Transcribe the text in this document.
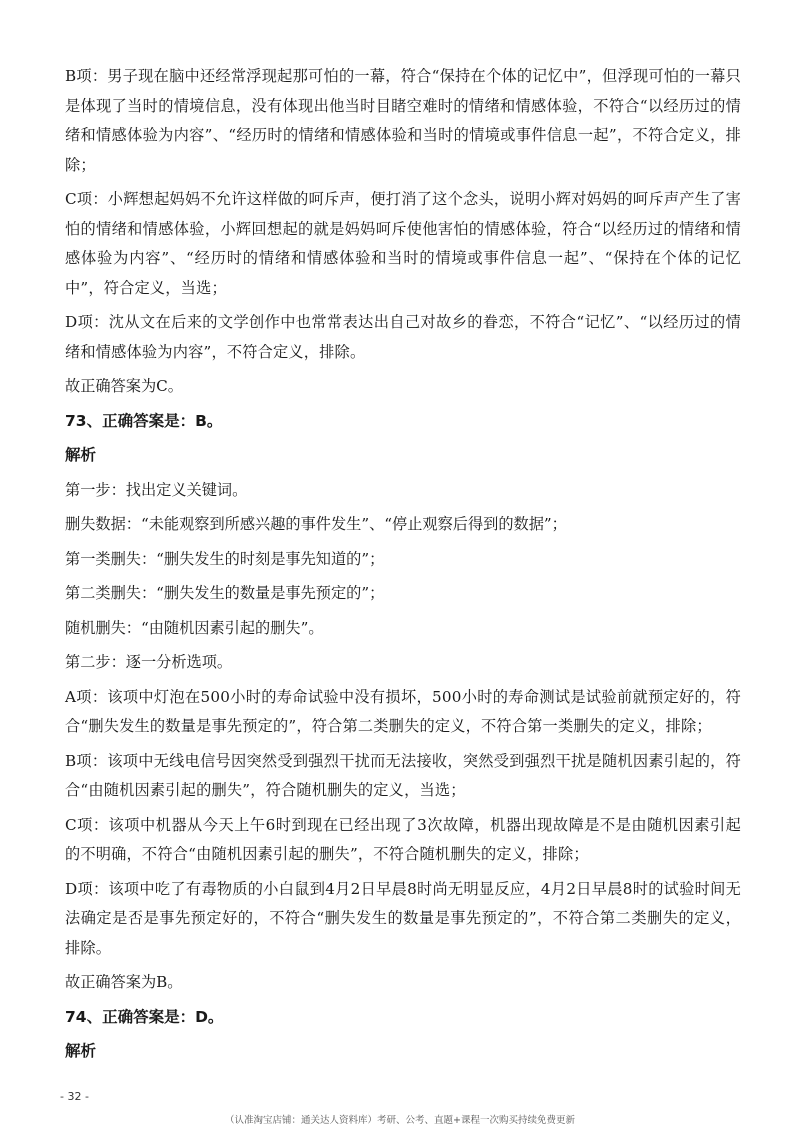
B项：男子现在脑中还经常浮现起那可怕的一幕，符合“保持在个体的记忆中”，但浮现可怕的一幕只是体现了当时的情境信息，没有体现出他当时目睹空难时的情绪和情感体验，不符合“以经历过的情绪和情感体验为内容”、“经历时的情绪和情感体验和当时的情境或事件信息一起”，不符合定义，排除；

C项：小辉想起妈妈不允许这样做的呵斥声，便打消了这个念头，说明小辉对妈妈的呵斥声产生了害怕的情绪和情感体验，小辉回想起的就是妈妈呵斥使他害怕的情感体验，符合“以经历过的情绪和情感体验为内容”、“经历时的情绪和情感体验和当时的情境或事件信息一起”、“保持在个体的记忆中”，符合定义，当选；

D项：沈从文在后来的文学创作中也常常表达出自己对故乡的眷恋，不符合“记忆”、“以经历过的情绪和情感体验为内容”，不符合定义，排除。

故正确答案为C。

73、正确答案是：B。

解析

第一步：找出定义关键词。

删失数据：“未能观察到所感兴趣的事件发生”、“停止观察后得到的数据”；

第一类删失：“删失发生的时刻是事先知道的”；

第二类删失：“删失发生的数量是事先预定的”；

随机删失：“由随机因素引起的删失”。

第二步：逐一分析选项。

A项：该项中灯泡在500小时的寿命试验中没有损坏，500小时的寿命测试是试验前就预定好的，符合“删失发生的数量是事先预定的”，符合第二类删失的定义，不符合第一类删失的定义，排除；

B项：该项中无线电信号因突然受到强烈干扰而无法接收，突然受到强烈干扰是随机因素引起的，符合“由随机因素引起的删失”，符合随机删失的定义，当选；

C项：该项中机器从今天上午6时到现在已经出现了3次故障，机器出现故障是不是由随机因素引起的不明确，不符合“由随机因素引起的删失”，不符合随机删失的定义，排除；

D项：该项中吃了有毒物质的小白鼠到4月2日早晨8时尚无明显反应，4月2日早晨8时的试验时间无法确定是否是事先预定好的，不符合“删失发生的数量是事先预定的”，不符合第二类删失的定义，排除。

故正确答案为B。

74、正确答案是：D。

解析

- 32 -
（认准淘宝店铺：通关达人资料库）考研、公考、直题+课程一次购买持续免费更新
